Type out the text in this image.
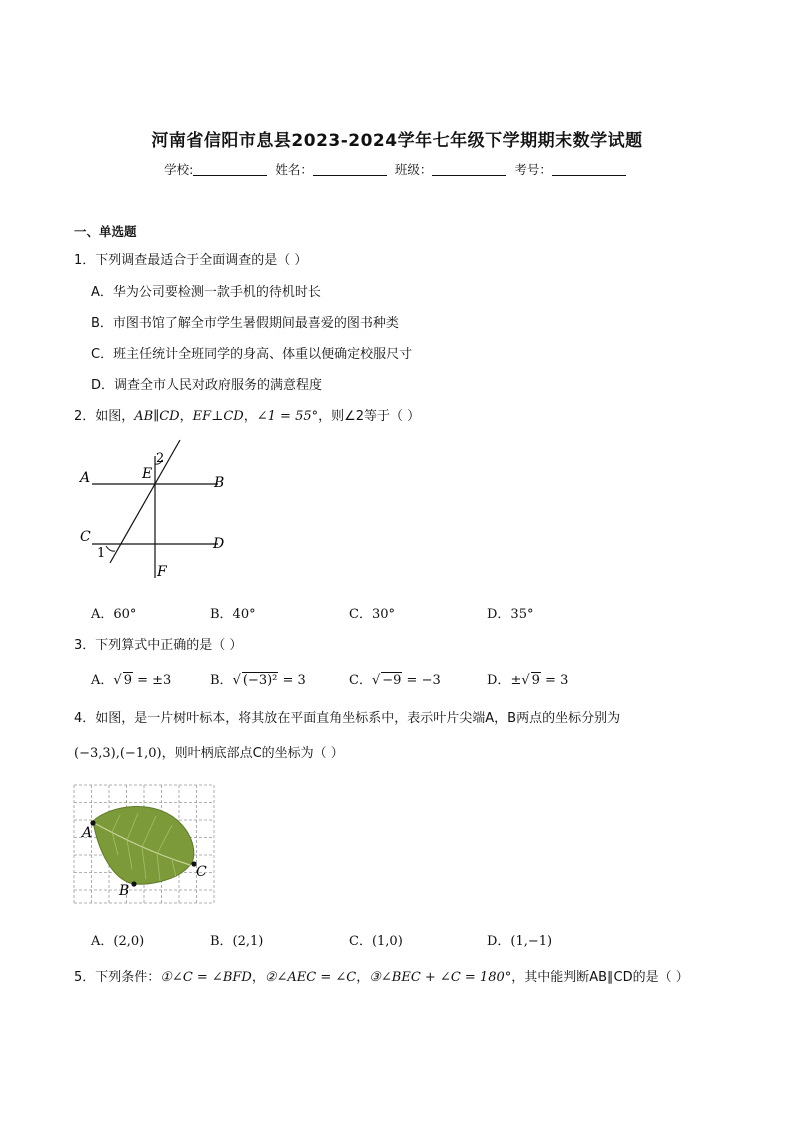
河南省信阳市息县2023-2024学年七年级下学期期末数学试题
学校:	姓名：	班级：	考号：
一、单选题
1．下列调查最适合于全面调查的是（ ）
A．华为公司要检测一款手机的待机时长
B．市图书馆了解全市学生暑假期间最喜爱的图书种类
C．班主任统计全班同学的身高、体重以便确定校服尺寸
D．调查全市人民对政府服务的满意程度
2．如图，AB∥CD，EF⊥CD，∠1 = 55°，则∠2等于（ ）
A	B
C	D
E
F
1
2
A．60°	B．40°	C．30°	D．35°
3．下列算式中正确的是（ ）
A．√ 9 = ±3	B．√ (−3)² = 3	C．√ −9 = −3	D．±√ 9 = 3
4．如图，是一片树叶标本，将其放在平面直角坐标系中，表示叶片尖端A，B两点的坐标分别为
(−3,3),(−1,0)，则叶柄底部点C的坐标为（ ）
A
B
C
A．(2,0)	B．(2,1)	C．(1,0)	D．(1,−1)
5．下列条件：①∠C = ∠BFD，②∠AEC = ∠C，③∠BEC + ∠C = 180°，其中能判断AB∥CD的是（ ）
